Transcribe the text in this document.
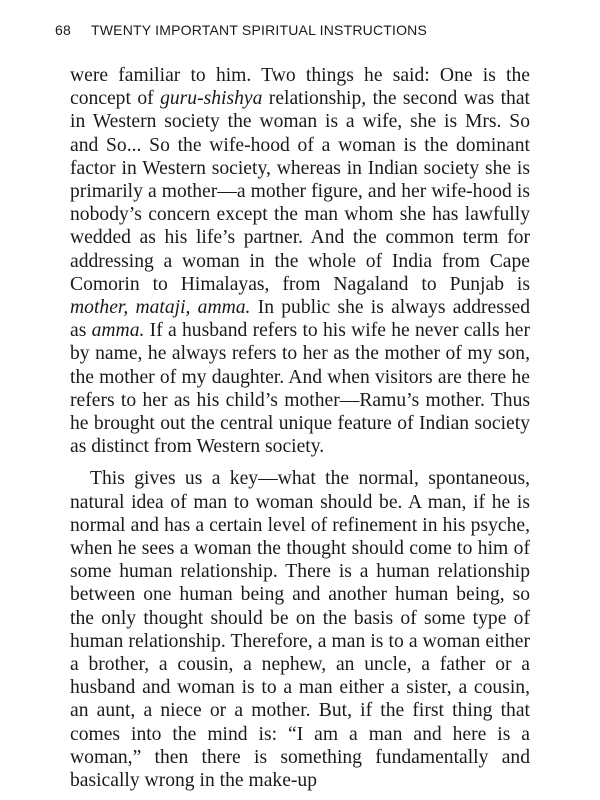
68 TWENTY IMPORTANT SPIRITUAL INSTRUCTIONS

were familiar to him. Two things he said: One is the concept of guru-shishya relationship, the second was that in Western society the woman is a wife, she is Mrs. So and So... So the wife-hood of a woman is the dominant factor in Western society, whereas in Indian society she is primarily a mother—a mother figure, and her wife-hood is nobody’s concern except the man whom she has lawfully wedded as his life’s partner. And the common term for addressing a woman in the whole of India from Cape Comorin to Himalayas, from Nagaland to Punjab is mother, mataji, amma. In public she is always addressed as amma. If a husband refers to his wife he never calls her by name, he always refers to her as the mother of my son, the mother of my daughter. And when visitors are there he refers to her as his child’s mother—Ramu’s mother. Thus he brought out the central unique feature of Indian society as distinct from Western society.

This gives us a key—what the normal, spontaneous, natural idea of man to woman should be. A man, if he is normal and has a certain level of refinement in his psyche, when he sees a woman the thought should come to him of some human relationship. There is a human relationship between one human being and another human being, so the only thought should be on the basis of some type of human relationship. Therefore, a man is to a woman either a brother, a cousin, a nephew, an uncle, a father or a husband and woman is to a man either a sister, a cousin, an aunt, a niece or a mother. But, if the first thing that comes into the mind is: “I am a man and here is a woman,” then there is something fundamentally and basically wrong in the make-up
